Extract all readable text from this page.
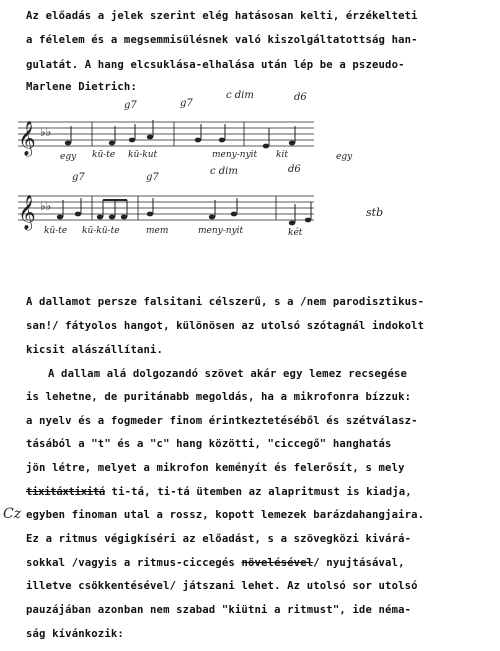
Az előadás a jelek szerint elég hatásosan kelti, érzékelteti
a félelem és a megsemmisülésnek való kiszolgáltatottság han-
gulatát. A hang elcsuklása-elhalása után lép be a pszeudo-
Marlene Dietrich:
𝄞 ♭♭
g7	g7
c dim	d6
egy kü-te kü-kut	meny-nyit kit	egy
𝄞 ♭♭
g7	g7
c dim	d6
kü-te kü-kü-te	mem	meny-nyit	két
stb
A dallamot persze falsitani célszerű, s a /nem parodisztikus-
san!/ fátyolos hangot, különösen az utolsó szótagnál indokolt
kicsit alászállítani.
A dallam alá dolgozandó szövet akár egy lemez recsegése
is lehetne, de puritánabb megoldás, ha a mikrofonra bízzuk:
a nyelv és a fogmeder finom érintkeztetéséből és szétválasz-
tásából a "t" és a "c" hang közötti, "ciccegő" hanghatás
jön létre, melyet a mikrofon keményít és felerősít, s mely
tixitáxtixitá ti-tá, ti-tá ütemben az alapritmust is kiadja,
Cz egyben finoman utal a rossz, kopott lemezek barázdahangjaira.
Ez a ritmus végigkíséri az előadást, s a szövegközi kivárá-
sokkal /vagyis a ritmus-ciccegés növelésével/ nyujtásával,
illetve csökkentésével/ játszani lehet. Az utolsó sor utolsó
pauzájában azonban nem szabad "kiütni a ritmust", ide néma-
ság kívánkozik:
